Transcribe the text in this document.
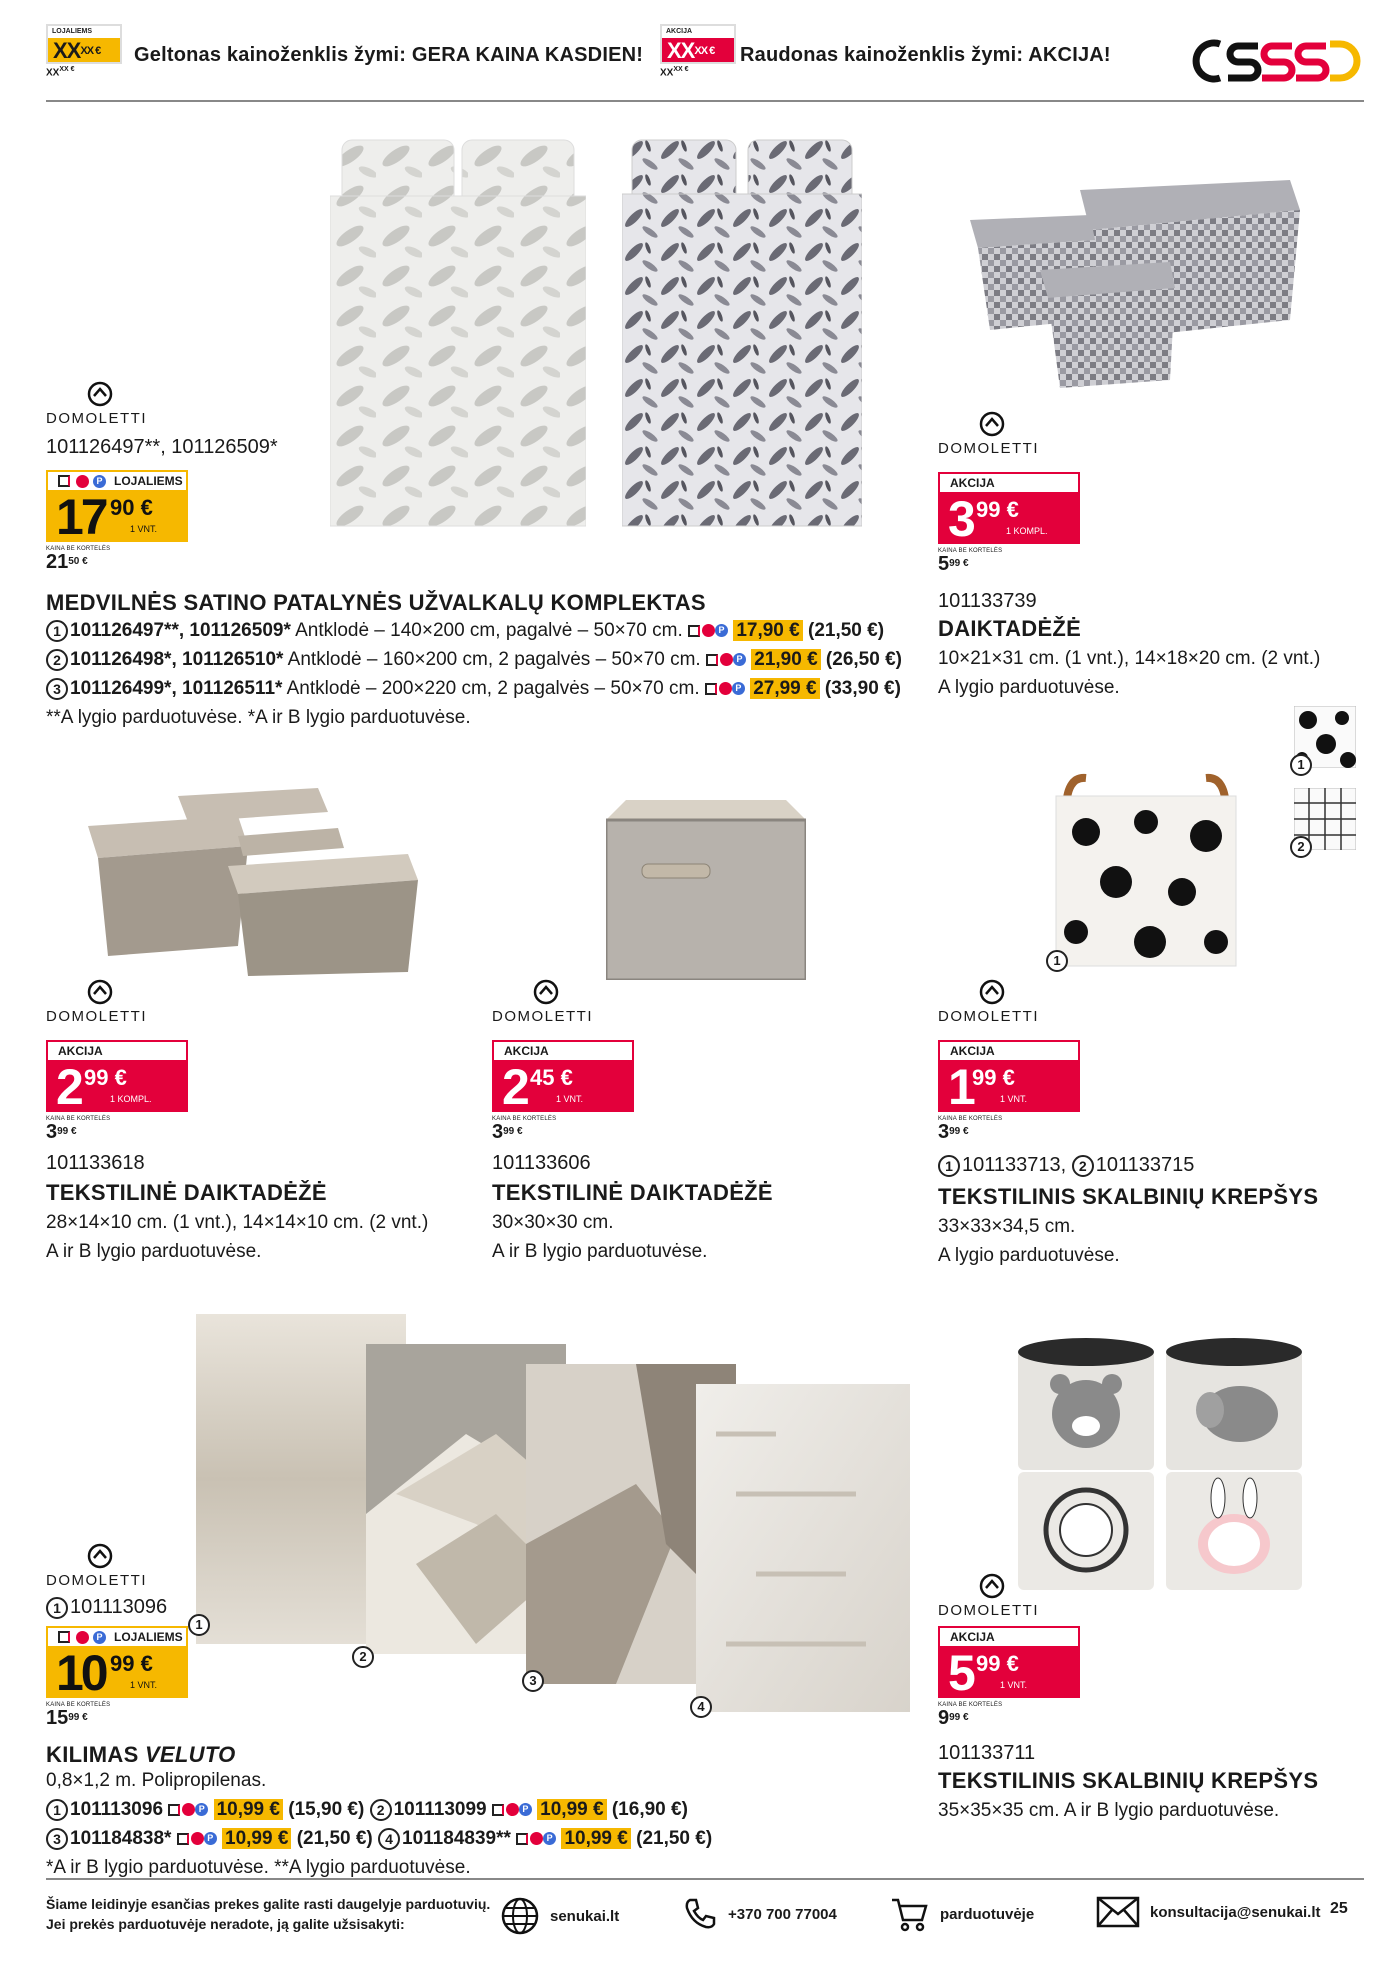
LOJALIEMS
$XX^{XX €}$
$XX^{XX €}$
Geltonas kainoženklis žymi: GERA KAINA KASDIEN!
AKCIJA
$XX^{XX €}$
$XX^{XX €}$
Raudonas kainoženklis žymi: AKCIJA!
DOMOLETTI
101126497**, 101126509*
P LOJALIEMS
17 90 €
1 VNT.
KAINA BE KORTELĖS
$21^{50 €}$
MEDVILNĖS SATINO PATALYNĖS UŽVALKALŲ KOMPLEKTAS
1 101126497**, 101126509* Antklodė – 140×200 cm, pagalvė – 50×70 cm.	P 17,90 € (21,50 €)
2 101126498*, 101126510* Antklodė – 160×200 cm, 2 pagalvės – 50×70 cm.	P 21,90 € (26,50 €)
3 101126499*, 101126511* Antklodė – 200×220 cm, 2 pagalvės – 50×70 cm.	P 27,99 € (33,90 €)
**A lygio parduotuvėse. *A ir B lygio parduotuvėse.
DOMOLETTI
AKCIJA
3 99 €
1 KOMPL.
KAINA BE KORTELĖS
$5^{99 €}$
101133739
DAIKTADĖŽĖ
10×21×31 cm. (1 vnt.), 14×18×20 cm. (2 vnt.)
A lygio parduotuvėse.
DOMOLETTI
AKCIJA
2 99 €
1 KOMPL.
KAINA BE KORTELĖS
$3^{99 €}$
101133618
TEKSTILINĖ DAIKTADĖŽĖ
28×14×10 cm. (1 vnt.), 14×14×10 cm. (2 vnt.)
A ir B lygio parduotuvėse.
DOMOLETTI
AKCIJA
2 45 €
1 VNT.
KAINA BE KORTELĖS
$3^{99 €}$
101133606
TEKSTILINĖ DAIKTADĖŽĖ
30×30×30 cm.
A ir B lygio parduotuvėse.
1
2
1
DOMOLETTI
AKCIJA
1 99 €
1 VNT.
KAINA BE KORTELĖS
$3^{99 €}$
1 101133713, 2 101133715
TEKSTILINIS SKALBINIŲ KREPŠYS
33×33×34,5 cm.
A lygio parduotuvėse.
1
2
3
4
DOMOLETTI
1 101113096
P LOJALIEMS
10 99 €
1 VNT.
KAINA BE KORTELĖS
$15^{99 €}$
KILIMAS VELUTO
0,8×1,2 m. Polipropilenas.
1 101113096	P 10,99 € (15,90 €) 2 101113099	P 10,99 € (16,90 €)
3 101184838*	P 10,99 € (21,50 €) 4 101184839**	P 10,99 € (21,50 €)
*A ir B lygio parduotuvėse. **A lygio parduotuvėse.
DOMOLETTI
AKCIJA
5 99 €
1 VNT.
KAINA BE KORTELĖS
$9^{99 €}$
101133711
TEKSTILINIS SKALBINIŲ KREPŠYS
35×35×35 cm. A ir B lygio parduotuvėse.
Šiame leidinyje esančias prekes galite rasti daugelyje parduotuvių.
Jei prekės parduotuvėje neradote, ją galite užsisakyti:	senukai.lt	+370 700 77004	parduotuvėje	konsultacija@senukai.lt 25
